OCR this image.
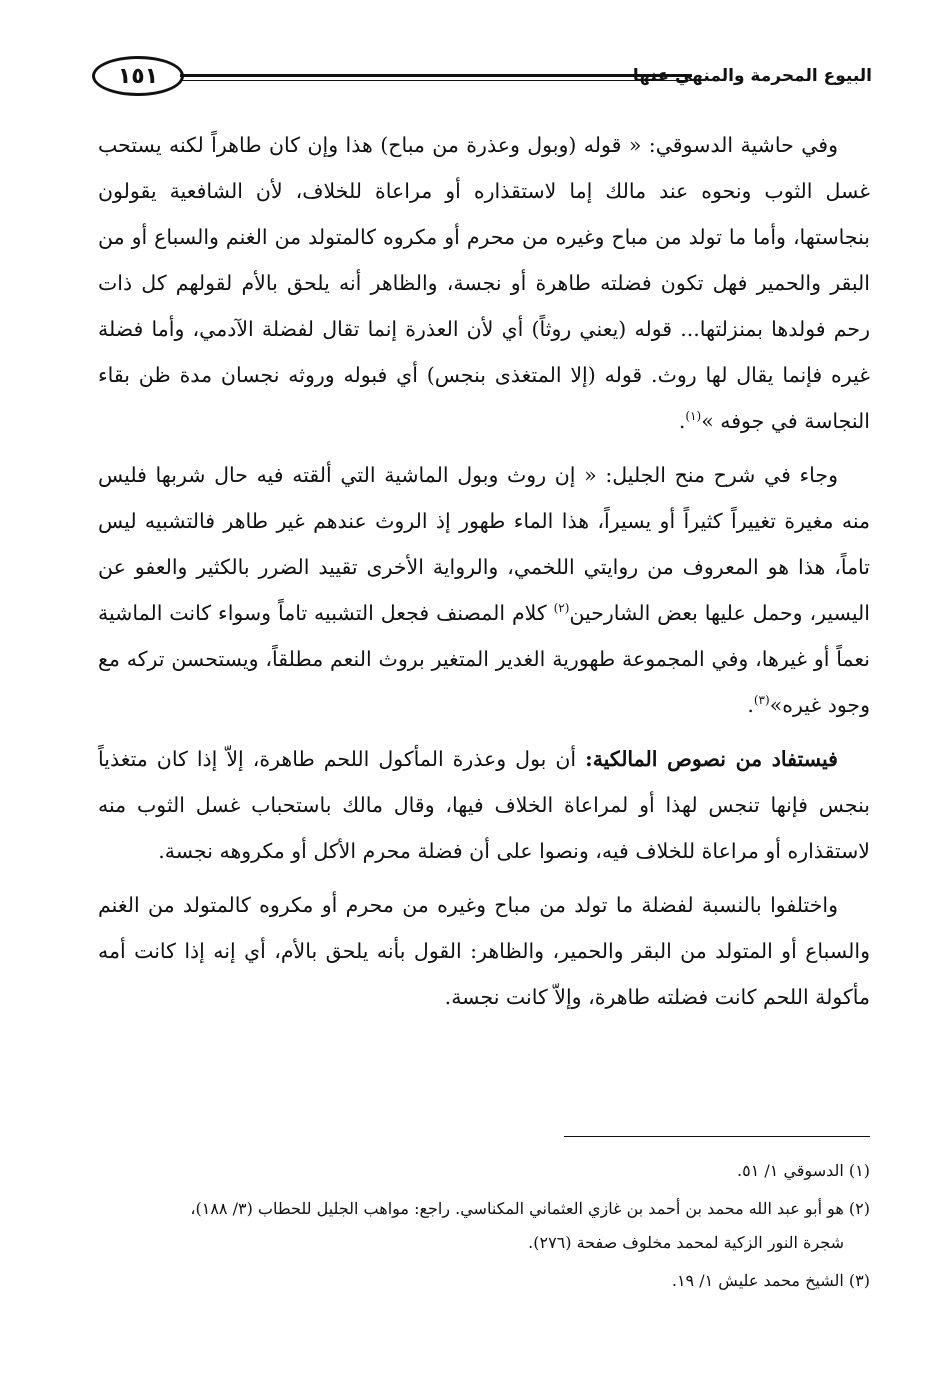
١٥١	البيوع المحرمة والمنهي عنها

وفي حاشية الدسوقي: « قوله (وبول وعذرة من مباح) هذا وإن كان طاهراً لكنه يستحب غسل الثوب ونحوه عند مالك إما لاستقذاره أو مراعاة للخلاف، لأن الشافعية يقولون بنجاستها، وأما ما تولد من مباح وغيره من محرم أو مكروه كالمتولد من الغنم والسباع أو من البقر والحمير فهل تكون فضلته طاهرة أو نجسة، والظاهر أنه يلحق بالأم لقولهم كل ذات رحم فولدها بمنزلتها... قوله (يعني روثاً) أي لأن العذرة إنما تقال لفضلة الآدمي، وأما فضلة غيره فإنما يقال لها روث. قوله (إلا المتغذى بنجس) أي فبوله وروثه نجسان مدة ظن بقاء النجاسة في جوفه »$^{(١)}$.

وجاء في شرح منح الجليل: « إن روث وبول الماشية التي ألقته فيه حال شربها فليس منه مغيرة تغييراً كثيراً أو يسيراً، هذا الماء طهور إذ الروث عندهم غير طاهر فالتشبيه ليس تاماً، هذا هو المعروف من روايتي اللخمي، والرواية الأخرى تقييد الضرر بالكثير والعفو عن اليسير، وحمل عليها بعض الشارحين$^{(٢)}$ كلام المصنف فجعل التشبيه تاماً وسواء كانت الماشية نعماً أو غيرها، وفي المجموعة طهورية الغدير المتغير بروث النعم مطلقاً، ويستحسن تركه مع وجود غيره»$^{(٣)}$.

فيستفاد من نصوص المالكية: أن بول وعذرة المأكول اللحم طاهرة، إلاّ إذا كان متغذياً بنجس فإنها تنجس لهذا أو لمراعاة الخلاف فيها، وقال مالك باستحباب غسل الثوب منه لاستقذاره أو مراعاة للخلاف فيه، ونصوا على أن فضلة محرم الأكل أو مكروهه نجسة.

واختلفوا بالنسبة لفضلة ما تولد من مباح وغيره من محرم أو مكروه كالمتولد من الغنم والسباع أو المتولد من البقر والحمير، والظاهر: القول بأنه يلحق بالأم، أي إنه إذا كانت أمه مأكولة اللحم كانت فضلته طاهرة، وإلاّ كانت نجسة.

(١) الدسوقي ١/ ٥١.

(٢) هو أبو عبد الله محمد بن أحمد بن غازي العثماني المكناسي. راجع: مواهب الجليل للحطاب (٣/ ١٨٨)،
شجرة النور الزكية لمحمد مخلوف صفحة (٢٧٦).

(٣) الشيخ محمد عليش ١/ ١٩.
